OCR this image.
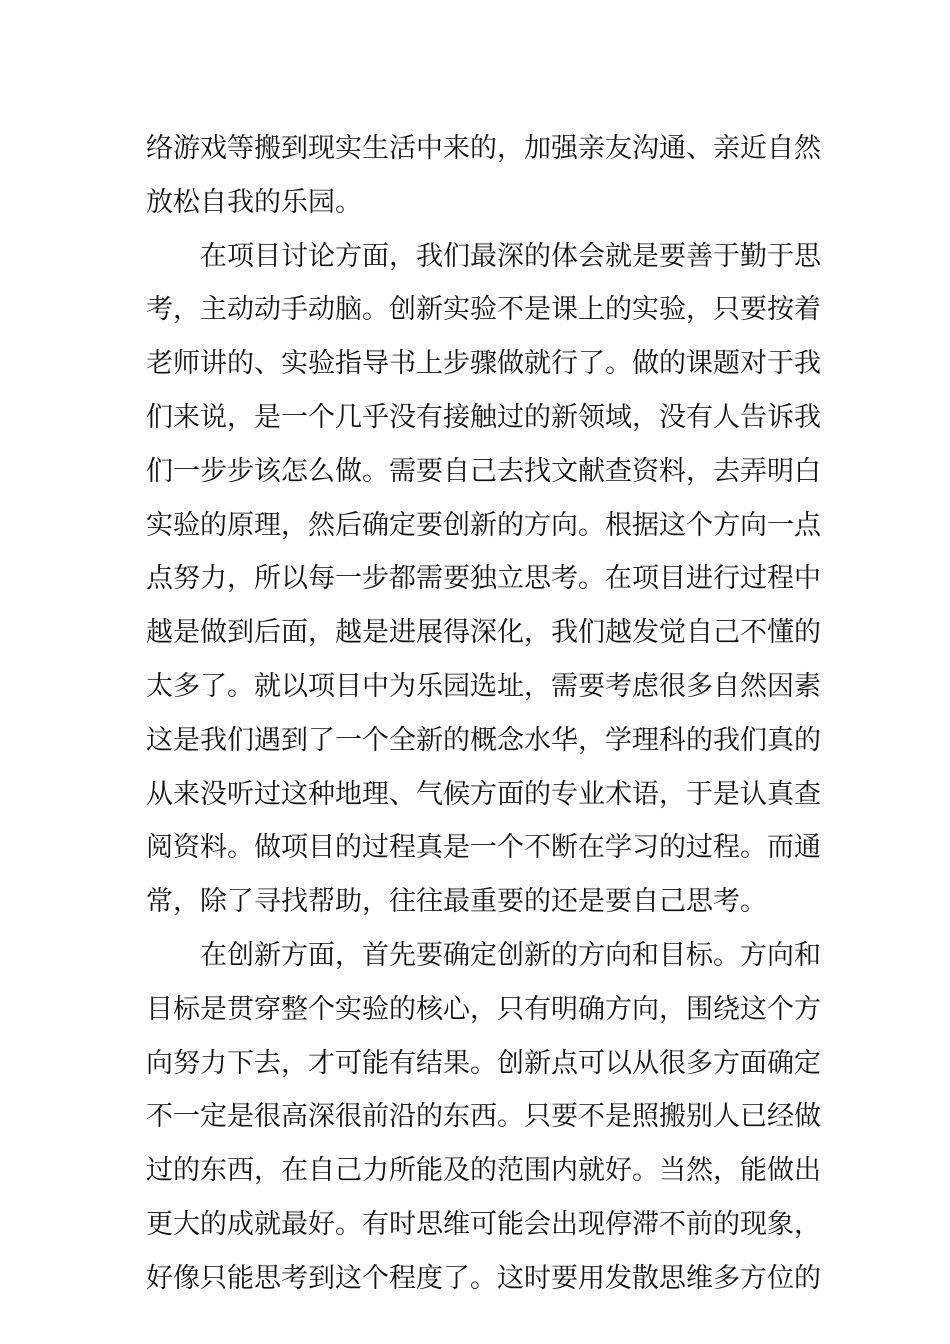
络游戏等搬到现实生活中来的，加强亲友沟通、亲近自然
放松自我的乐园。
在项目讨论方面，我们最深的体会就是要善于勤于思
考，主动动手动脑。创新实验不是课上的实验，只要按着
老师讲的、实验指导书上步骤做就行了。做的课题对于我
们来说，是一个几乎没有接触过的新领域，没有人告诉我
们一步步该怎么做。需要自己去找文献查资料，去弄明白
实验的原理，然后确定要创新的方向。根据这个方向一点
点努力，所以每一步都需要独立思考。在项目进行过程中
越是做到后面，越是进展得深化，我们越发觉自己不懂的
太多了。就以项目中为乐园选址，需要考虑很多自然因素
这是我们遇到了一个全新的概念水华，学理科的我们真的
从来没听过这种地理、气候方面的专业术语，于是认真查
阅资料。做项目的过程真是一个不断在学习的过程。而通
常，除了寻找帮助，往往最重要的还是要自己思考。
在创新方面，首先要确定创新的方向和目标。方向和
目标是贯穿整个实验的核心，只有明确方向，围绕这个方
向努力下去，才可能有结果。创新点可以从很多方面确定
不一定是很高深很前沿的东西。只要不是照搬别人已经做
过的东西，在自己力所能及的范围内就好。当然，能做出
更大的成就最好。有时思维可能会出现停滞不前的现象，
好像只能思考到这个程度了。这时要用发散思维多方位的
